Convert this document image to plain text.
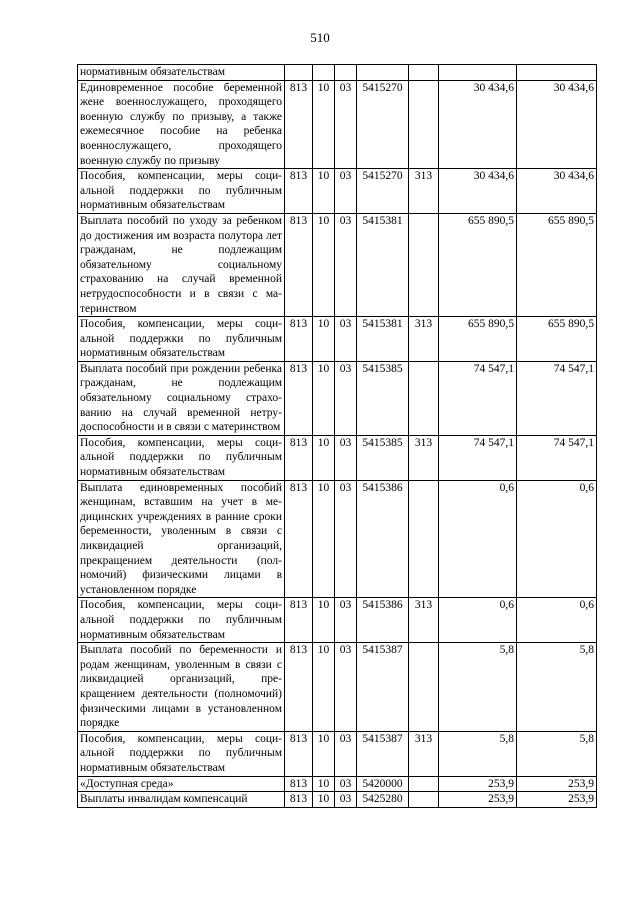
510
нормативным обязательствам							
Единовременное пособие беременной жене военнослужащего, проходящего военную службу по призыву, а также ежемесячное пособие на ребенка военнослужащего, проходящего военную службу по призыву	813	10	03	5415270		30 434,6	30 434,6
Пособия, компенсации, меры социальной поддержки по публичным нормативным обязательствам	813	10	03	5415270	313	30 434,6	30 434,6
Выплата пособий по уходу за ребенком до достижения им возраста полутора лет гражданам, не подлежащим обязательному социальному страхованию на случай временной нетрудоспособности и в связи с материнством	813	10	03	5415381		655 890,5	655 890,5
Пособия, компенсации, меры социальной поддержки по публичным нормативным обязательствам	813	10	03	5415381	313	655 890,5	655 890,5
Выплата пособий при рождении ребенка гражданам, не подлежащим обязательному социальному страхованию на случай временной нетрудоспособности и в связи с материнством	813	10	03	5415385		74 547,1	74 547,1
Пособия, компенсации, меры социальной поддержки по публичным нормативным обязательствам	813	10	03	5415385	313	74 547,1	74 547,1
Выплата единовременных пособий женщинам, вставшим на учет в медицинских учреждениях в ранние сроки беременности, уволенным в связи с ликвидацией организаций, прекращением деятельности (полномочий) физическими лицами в установленном порядке	813	10	03	5415386		0,6	0,6
Пособия, компенсации, меры социальной поддержки по публичным нормативным обязательствам	813	10	03	5415386	313	0,6	0,6
Выплата пособий по беременности и родам женщинам, уволенным в связи с ликвидацией организаций, прекращением деятельности (полномочий) физическими лицами в установленном порядке	813	10	03	5415387		5,8	5,8
Пособия, компенсации, меры социальной поддержки по публичным нормативным обязательствам	813	10	03	5415387	313	5,8	5,8
«Доступная среда»	813	10	03	5420000		253,9	253,9
Выплаты инвалидам компенсаций	813	10	03	5425280		253,9	253,9
